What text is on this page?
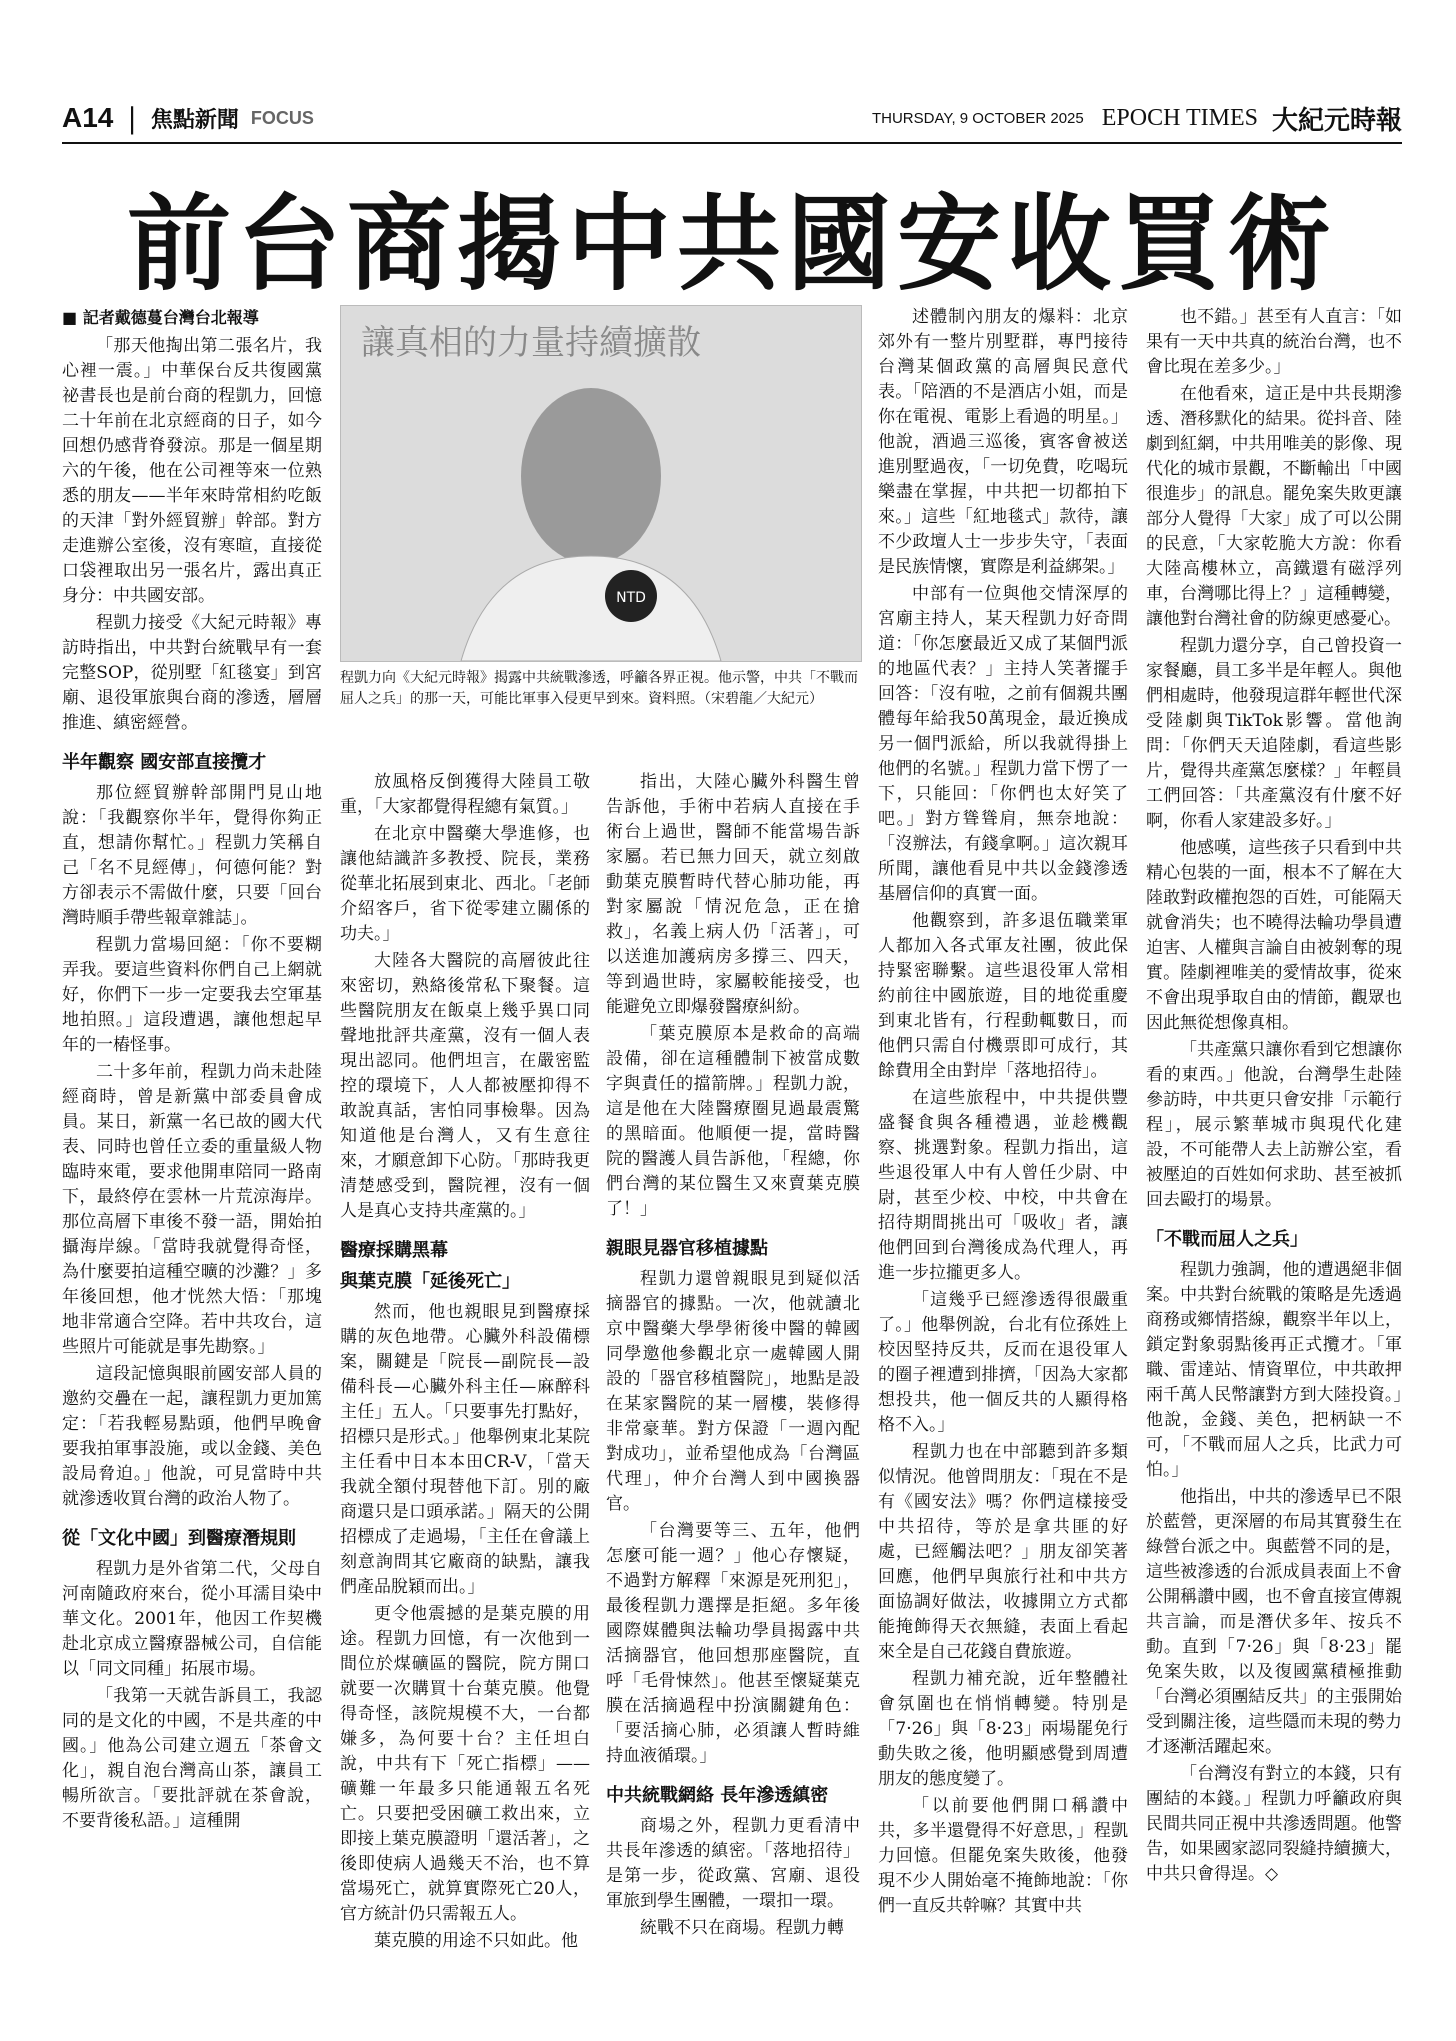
A14 | 焦點新聞 FOCUS	THURSDAY, 9 OCTOBER 2025 EPOCH TIMES 大紀元時報
前台商揭中共國安收買術
■ 記者戴德蔓台灣台北報導

「那天他掏出第二張名片，我心裡一震。」中華保台反共復國黨祕書長也是前台商的程凱力，回憶二十年前在北京經商的日子，如今回想仍感背脊發涼。那是一個星期六的午後，他在公司裡等來一位熟悉的朋友——半年來時常相約吃飯的天津「對外經貿辦」幹部。對方走進辦公室後，沒有寒暄，直接從口袋裡取出另一張名片，露出真正身分：中共國安部。

程凱力接受《大紀元時報》專訪時指出，中共對台統戰早有一套完整SOP，從別墅「紅毯宴」到宮廟、退役軍旅與台商的滲透，層層推進、縝密經營。

半年觀察 國安部直接攬才

那位經貿辦幹部開門見山地說：「我觀察你半年，覺得你夠正直，想請你幫忙。」程凱力笑稱自己「名不見經傳」，何德何能？對方卻表示不需做什麼，只要「回台灣時順手帶些報章雜誌」。

程凱力當場回絕：「你不要糊弄我。要這些資料你們自己上網就好，你們下一步一定要我去空軍基地拍照。」這段遭遇，讓他想起早年的一樁怪事。

二十多年前，程凱力尚未赴陸經商時，曾是新黨中部委員會成員。某日，新黨一名已故的國大代表、同時也曾任立委的重量級人物臨時來電，要求他開車陪同一路南下，最終停在雲林一片荒涼海岸。那位高層下車後不發一語，開始拍攝海岸線。「當時我就覺得奇怪，為什麼要拍這種空曠的沙灘？」多年後回想，他才恍然大悟：「那塊地非常適合空降。若中共攻台，這些照片可能就是事先勘察。」

這段記憶與眼前國安部人員的邀約交疊在一起，讓程凱力更加篤定：「若我輕易點頭，他們早晚會要我拍軍事設施，或以金錢、美色設局脅迫。」他說，可見當時中共就滲透收買台灣的政治人物了。

從「文化中國」到醫療潛規則

程凱力是外省第二代，父母自河南隨政府來台，從小耳濡目染中華文化。2001年，他因工作契機赴北京成立醫療器械公司，自信能以「同文同種」拓展市場。

「我第一天就告訴員工，我認同的是文化的中國，不是共產的中國。」他為公司建立週五「茶會文化」，親自泡台灣高山茶，讓員工暢所欲言。「要批評就在茶會說，不要背後私語。」這種開

讓真相的力量持續擴散
NTD
程凱力向《大紀元時報》揭露中共統戰滲透，呼籲各界正視。他示警，中共「不戰而屈人之兵」的那一天，可能比軍事入侵更早到來。資料照。（宋碧龍／大紀元）

放風格反倒獲得大陸員工敬重，「大家都覺得程總有氣質。」

在北京中醫藥大學進修，也讓他結識許多教授、院長，業務從華北拓展到東北、西北。「老師介紹客戶，省下從零建立關係的功夫。」

大陸各大醫院的高層彼此往來密切，熟絡後常私下聚餐。這些醫院朋友在飯桌上幾乎異口同聲地批評共產黨，沒有一個人表現出認同。他們坦言，在嚴密監控的環境下，人人都被壓抑得不敢說真話，害怕同事檢舉。因為知道他是台灣人，又有生意往來，才願意卸下心防。「那時我更清楚感受到，醫院裡，沒有一個人是真心支持共產黨的。」

醫療採購黑幕
與葉克膜「延後死亡」

然而，他也親眼見到醫療採購的灰色地帶。心臟外科設備標案，關鍵是「院長—副院長—設備科長—心臟外科主任—麻醉科主任」五人。「只要事先打點好，招標只是形式。」他舉例東北某院主任看中日本本田CR-V，「當天我就全額付現替他下訂。別的廠商還只是口頭承諾。」隔天的公開招標成了走過場，「主任在會議上刻意詢問其它廠商的缺點，讓我們產品脫穎而出。」

更令他震撼的是葉克膜的用途。程凱力回憶，有一次他到一間位於煤礦區的醫院，院方開口就要一次購買十台葉克膜。他覺得奇怪，該院規模不大，一台都嫌多，為何要十台？主任坦白說，中共有下「死亡指標」——礦難一年最多只能通報五名死亡。只要把受困礦工救出來，立即接上葉克膜證明「還活著」，之後即使病人過幾天不治，也不算當場死亡，就算實際死亡20人，官方統計仍只需報五人。

葉克膜的用途不只如此。他

指出，大陸心臟外科醫生曾告訴他，手術中若病人直接在手術台上過世，醫師不能當場告訴家屬。若已無力回天，就立刻啟動葉克膜暫時代替心肺功能，再對家屬說「情況危急，正在搶救」，名義上病人仍「活著」，可以送進加護病房多撐三、四天，等到過世時，家屬較能接受，也能避免立即爆發醫療糾紛。

「葉克膜原本是救命的高端設備，卻在這種體制下被當成數字與責任的擋箭牌。」程凱力說，這是他在大陸醫療圈見過最震驚的黑暗面。他順便一提，當時醫院的醫護人員告訴他，「程總，你們台灣的某位醫生又來賣葉克膜了！」

親眼見器官移植據點

程凱力還曾親眼見到疑似活摘器官的據點。一次，他就讀北京中醫藥大學學術後中醫的韓國同學邀他參觀北京一處韓國人開設的「器官移植醫院」，地點是設在某家醫院的某一層樓，裝修得非常豪華。對方保證「一週內配對成功」，並希望他成為「台灣區代理」，仲介台灣人到中國換器官。

「台灣要等三、五年，他們怎麼可能一週？」他心存懷疑，不過對方解釋「來源是死刑犯」，最後程凱力選擇是拒絕。多年後國際媒體與法輪功學員揭露中共活摘器官，他回想那座醫院，直呼「毛骨悚然」。他甚至懷疑葉克膜在活摘過程中扮演關鍵角色：「要活摘心肺，必須讓人暫時維持血液循環。」

中共統戰網絡 長年滲透縝密

商場之外，程凱力更看清中共長年滲透的縝密。「落地招待」是第一步，從政黨、宮廟、退役軍旅到學生團體，一環扣一環。

統戰不只在商場。程凱力轉

述體制內朋友的爆料：北京郊外有一整片別墅群，專門接待台灣某個政黨的高層與民意代表。「陪酒的不是酒店小姐，而是你在電視、電影上看過的明星。」他說，酒過三巡後，賓客會被送進別墅過夜，「一切免費，吃喝玩樂盡在掌握，中共把一切都拍下來。」這些「紅地毯式」款待，讓不少政壇人士一步步失守，「表面是民族情懷，實際是利益綁架。」

中部有一位與他交情深厚的宮廟主持人，某天程凱力好奇問道：「你怎麼最近又成了某個門派的地區代表？」主持人笑著擺手回答：「沒有啦，之前有個親共團體每年給我50萬現金，最近換成另一個門派給，所以我就得掛上他們的名號。」程凱力當下愣了一下，只能回：「你們也太好笑了吧。」對方聳聳肩，無奈地說：「沒辦法，有錢拿啊。」這次親耳所聞，讓他看見中共以金錢滲透基層信仰的真實一面。

他觀察到，許多退伍職業軍人都加入各式軍友社團，彼此保持緊密聯繫。這些退役軍人常相約前往中國旅遊，目的地從重慶到東北皆有，行程動輒數日，而他們只需自付機票即可成行，其餘費用全由對岸「落地招待」。

在這些旅程中，中共提供豐盛餐食與各種禮遇，並趁機觀察、挑選對象。程凱力指出，這些退役軍人中有人曾任少尉、中尉，甚至少校、中校，中共會在招待期間挑出可「吸收」者，讓他們回到台灣後成為代理人，再進一步拉攏更多人。

「這幾乎已經滲透得很嚴重了。」他舉例說，台北有位孫姓上校因堅持反共，反而在退役軍人的圈子裡遭到排擠，「因為大家都想投共，他一個反共的人顯得格格不入。」

程凱力也在中部聽到許多類似情況。他曾問朋友：「現在不是有《國安法》嗎？你們這樣接受中共招待，等於是拿共匪的好處，已經觸法吧？」朋友卻笑著回應，他們早與旅行社和中共方面協調好做法，收據開立方式都能掩飾得天衣無縫，表面上看起來全是自己花錢自費旅遊。

程凱力補充說，近年整體社會氛圍也在悄悄轉變。特別是「7·26」與「8·23」兩場罷免行動失敗之後，他明顯感覺到周遭朋友的態度變了。

「以前要他們開口稱讚中共，多半還覺得不好意思，」程凱力回憶。但罷免案失敗後，他發現不少人開始毫不掩飾地說：「你們一直反共幹嘛？其實中共

也不錯。」甚至有人直言：「如果有一天中共真的統治台灣，也不會比現在差多少。」

在他看來，這正是中共長期滲透、潛移默化的結果。從抖音、陸劇到紅網，中共用唯美的影像、現代化的城市景觀，不斷輸出「中國很進步」的訊息。罷免案失敗更讓部分人覺得「大家」成了可以公開的民意，「大家乾脆大方說：你看大陸高樓林立，高鐵還有磁浮列車，台灣哪比得上？」這種轉變，讓他對台灣社會的防線更感憂心。

程凱力還分享，自己曾投資一家餐廳，員工多半是年輕人。與他們相處時，他發現這群年輕世代深受陸劇與TikTok影響。當他詢問：「你們天天追陸劇，看這些影片，覺得共產黨怎麼樣？」年輕員工們回答：「共產黨沒有什麼不好啊，你看人家建設多好。」

他感嘆，這些孩子只看到中共精心包裝的一面，根本不了解在大陸敢對政權抱怨的百姓，可能隔天就會消失；也不曉得法輪功學員遭迫害、人權與言論自由被剝奪的現實。陸劇裡唯美的愛情故事，從來不會出現爭取自由的情節，觀眾也因此無從想像真相。

「共產黨只讓你看到它想讓你看的東西。」他說，台灣學生赴陸參訪時，中共更只會安排「示範行程」，展示繁華城市與現代化建設，不可能帶人去上訪辦公室，看被壓迫的百姓如何求助、甚至被抓回去毆打的場景。

「不戰而屈人之兵」

程凱力強調，他的遭遇絕非個案。中共對台統戰的策略是先透過商務或鄉情搭線，觀察半年以上，鎖定對象弱點後再正式攬才。「軍職、雷達站、情資單位，中共敢押兩千萬人民幣讓對方到大陸投資。」他說，金錢、美色，把柄缺一不可，「不戰而屈人之兵，比武力可怕。」

他指出，中共的滲透早已不限於藍營，更深層的布局其實發生在綠營台派之中。與藍營不同的是，這些被滲透的台派成員表面上不會公開稱讚中國，也不會直接宣傳親共言論，而是潛伏多年、按兵不動。直到「7·26」與「8·23」罷免案失敗，以及復國黨積極推動「台灣必須團結反共」的主張開始受到關注後，這些隱而未現的勢力才逐漸活躍起來。

「台灣沒有對立的本錢，只有團結的本錢。」程凱力呼籲政府與民間共同正視中共滲透問題。他警告，如果國家認同裂縫持續擴大，中共只會得逞。◇
